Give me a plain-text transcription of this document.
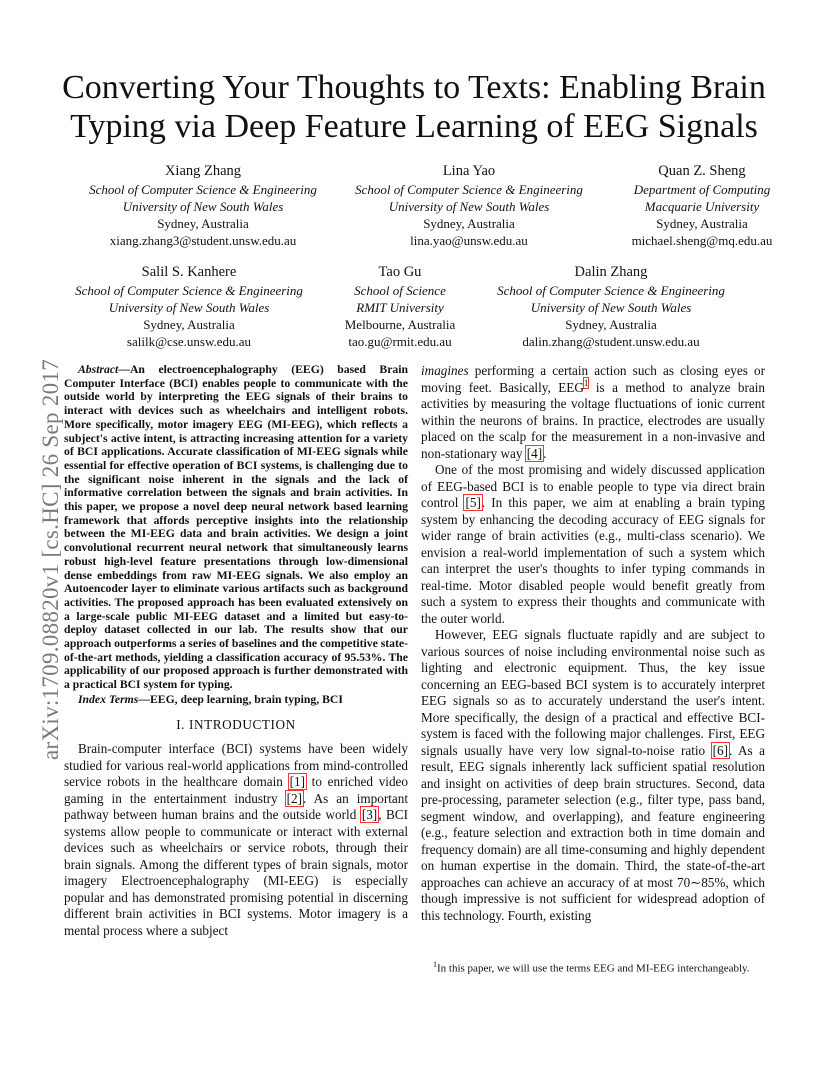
arXiv:1709.08820v1 [cs.HC] 26 Sep 2017
Converting Your Thoughts to Texts: Enabling Brain Typing via Deep Feature Learning of EEG Signals
Xiang Zhang
School of Computer Science & Engineering
University of New South Wales
Sydney, Australia
xiang.zhang3@student.unsw.edu.au
Lina Yao
School of Computer Science & Engineering
University of New South Wales
Sydney, Australia
lina.yao@unsw.edu.au
Quan Z. Sheng
Department of Computing
Macquarie University
Sydney, Australia
michael.sheng@mq.edu.au
Salil S. Kanhere
School of Computer Science & Engineering
University of New South Wales
Sydney, Australia
salilk@cse.unsw.edu.au
Tao Gu
School of Science
RMIT University
Melbourne, Australia
tao.gu@rmit.edu.au
Dalin Zhang
School of Computer Science & Engineering
University of New South Wales
Sydney, Australia
dalin.zhang@student.unsw.edu.au

Abstract—An electroencephalography (EEG) based Brain Computer Interface (BCI) enables people to communicate with the outside world by interpreting the EEG signals of their brains to interact with devices such as wheelchairs and intelligent robots. More specifically, motor imagery EEG (MI-EEG), which reflects a subject's active intent, is attracting increasing attention for a variety of BCI applications. Accurate classification of MI-EEG signals while essential for effective operation of BCI systems, is challenging due to the significant noise inherent in the signals and the lack of informative correlation between the signals and brain activities. In this paper, we propose a novel deep neural network based learning framework that affords perceptive insights into the relationship between the MI-EEG data and brain activities. We design a joint convolutional recurrent neural network that simultaneously learns robust high-level feature presentations through low-dimensional dense embeddings from raw MI-EEG signals. We also employ an Autoencoder layer to eliminate various artifacts such as background activities. The proposed approach has been evaluated extensively on a large-scale public MI-EEG dataset and a limited but easy-to-deploy dataset collected in our lab. The results show that our approach outperforms a series of baselines and the competitive state-of-the-art methods, yielding a classification accuracy of 95.53%. The applicability of our proposed approach is further demonstrated with a practical BCI system for typing.

Index Terms—EEG, deep learning, brain typing, BCI

I. INTRODUCTION

Brain-computer interface (BCI) systems have been widely studied for various real-world applications from mind-controlled service robots in the healthcare domain [1] to enriched video gaming in the entertainment industry [2]. As an important pathway between human brains and the outside world [3], BCI systems allow people to communicate or interact with external devices such as wheelchairs or service robots, through their brain signals. Among the different types of brain signals, motor imagery Electroencephalography (MI-EEG) is especially popular and has demonstrated promising potential in discerning different brain activities in BCI systems. Motor imagery is a mental process where a subject

imagines performing a certain action such as closing eyes or moving feet. Basically, EEG$^1$ is a method to analyze brain activities by measuring the voltage fluctuations of ionic current within the neurons of brains. In practice, electrodes are usually placed on the scalp for the measurement in a non-invasive and non-stationary way [4].

One of the most promising and widely discussed application of EEG-based BCI is to enable people to type via direct brain control [5]. In this paper, we aim at enabling a brain typing system by enhancing the decoding accuracy of EEG signals for wider range of brain activities (e.g., multi-class scenario). We envision a real-world implementation of such a system which can interpret the user's thoughts to infer typing commands in real-time. Motor disabled people would benefit greatly from such a system to express their thoughts and communicate with the outer world.

However, EEG signals fluctuate rapidly and are subject to various sources of noise including environmental noise such as lighting and electronic equipment. Thus, the key issue concerning an EEG-based BCI system is to accurately interpret EEG signals so as to accurately understand the user's intent. More specifically, the design of a practical and effective BCI-system is faced with the following major challenges. First, EEG signals usually have very low signal-to-noise ratio [6]. As a result, EEG signals inherently lack sufficient spatial resolution and insight on activities of deep brain structures. Second, data pre-processing, parameter selection (e.g., filter type, pass band, segment window, and overlapping), and feature engineering (e.g., feature selection and extraction both in time domain and frequency domain) are all time-consuming and highly dependent on human expertise in the domain. Third, the state-of-the-art approaches can achieve an accuracy of at most 70∼85%, which though impressive is not sufficient for widespread adoption of this technology. Fourth, existing

$^1$In this paper, we will use the terms EEG and MI-EEG interchangeably.
